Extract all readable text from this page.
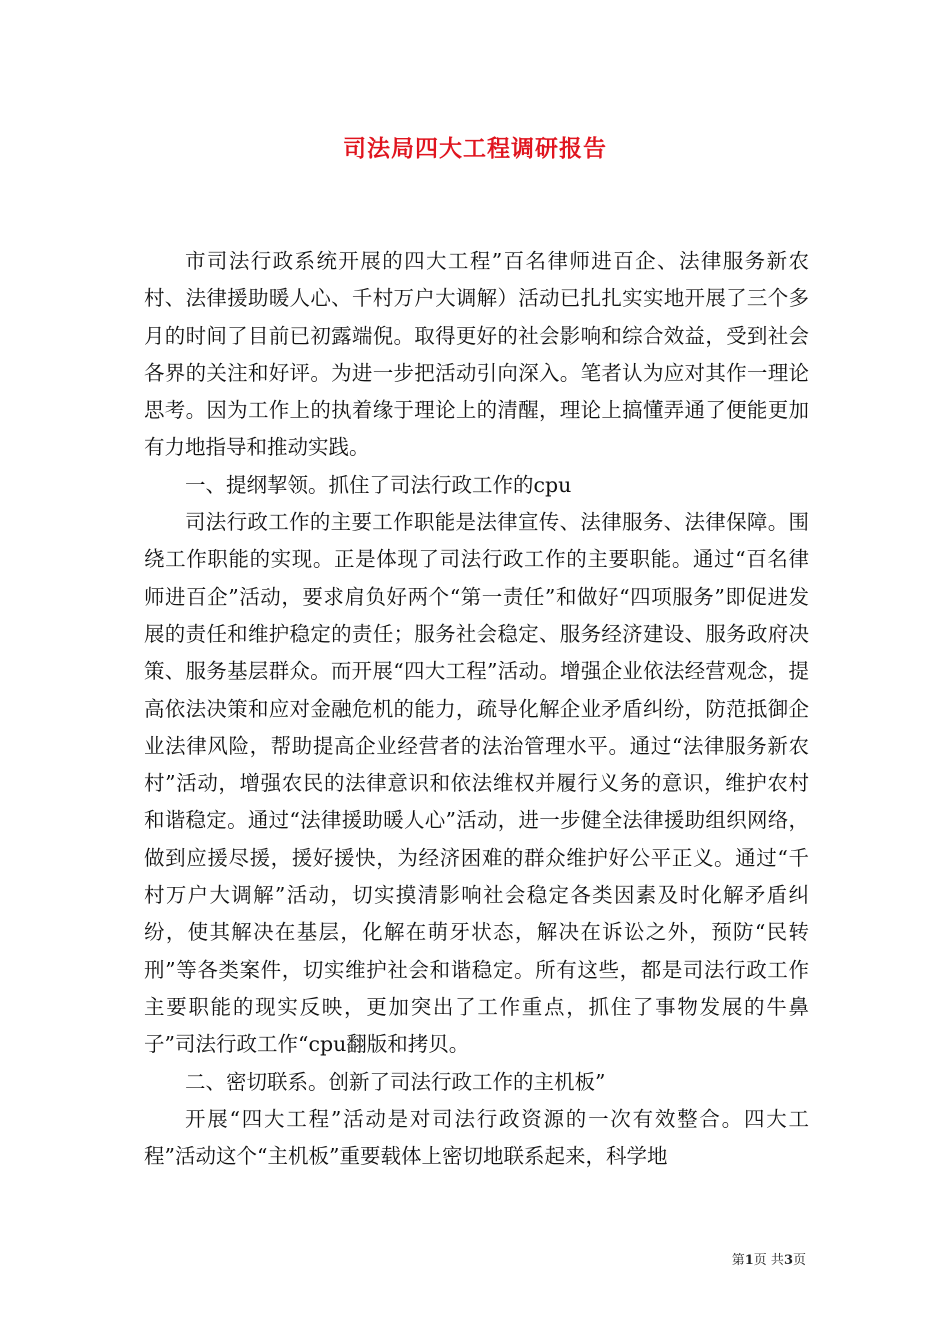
司法局四大工程调研报告

市司法行政系统开展的四大工程”百名律师进百企、法律服务新农村、法律援助暖人心、千村万户大调解）活动已扎扎实实地开展了三个多月的时间了目前已初露端倪。取得更好的社会影响和综合效益，受到社会各界的关注和好评。为进一步把活动引向深入。笔者认为应对其作一理论思考。因为工作上的执着缘于理论上的清醒，理论上搞懂弄通了便能更加有力地指导和推动实践。

一、提纲挈领。抓住了司法行政工作的cpu

司法行政工作的主要工作职能是法律宣传、法律服务、法律保障。围绕工作职能的实现。正是体现了司法行政工作的主要职能。通过“百名律师进百企”活动，要求肩负好两个“第一责任”和做好“四项服务”即促进发展的责任和维护稳定的责任；服务社会稳定、服务经济建设、服务政府决策、服务基层群众。而开展“四大工程”活动。增强企业依法经营观念，提高依法决策和应对金融危机的能力，疏导化解企业矛盾纠纷，防范抵御企业法律风险，帮助提高企业经营者的法治管理水平。通过“法律服务新农村”活动，增强农民的法律意识和依法维权并履行义务的意识，维护农村和谐稳定。通过“法律援助暖人心”活动，进一步健全法律援助组织网络，做到应援尽援，援好援快，为经济困难的群众维护好公平正义。通过“千村万户大调解”活动，切实摸清影响社会稳定各类因素及时化解矛盾纠纷，使其解决在基层，化解在萌牙状态，解决在诉讼之外，预防“民转刑”等各类案件，切实维护社会和谐稳定。所有这些，都是司法行政工作主要职能的现实反映，更加突出了工作重点，抓住了事物发展的牛鼻子”司法行政工作“cpu翻版和拷贝。

二、密切联系。创新了司法行政工作的主机板”

开展“四大工程”活动是对司法行政资源的一次有效整合。四大工程”活动这个“主机板”重要载体上密切地联系起来，科学地

第1页 共3页
